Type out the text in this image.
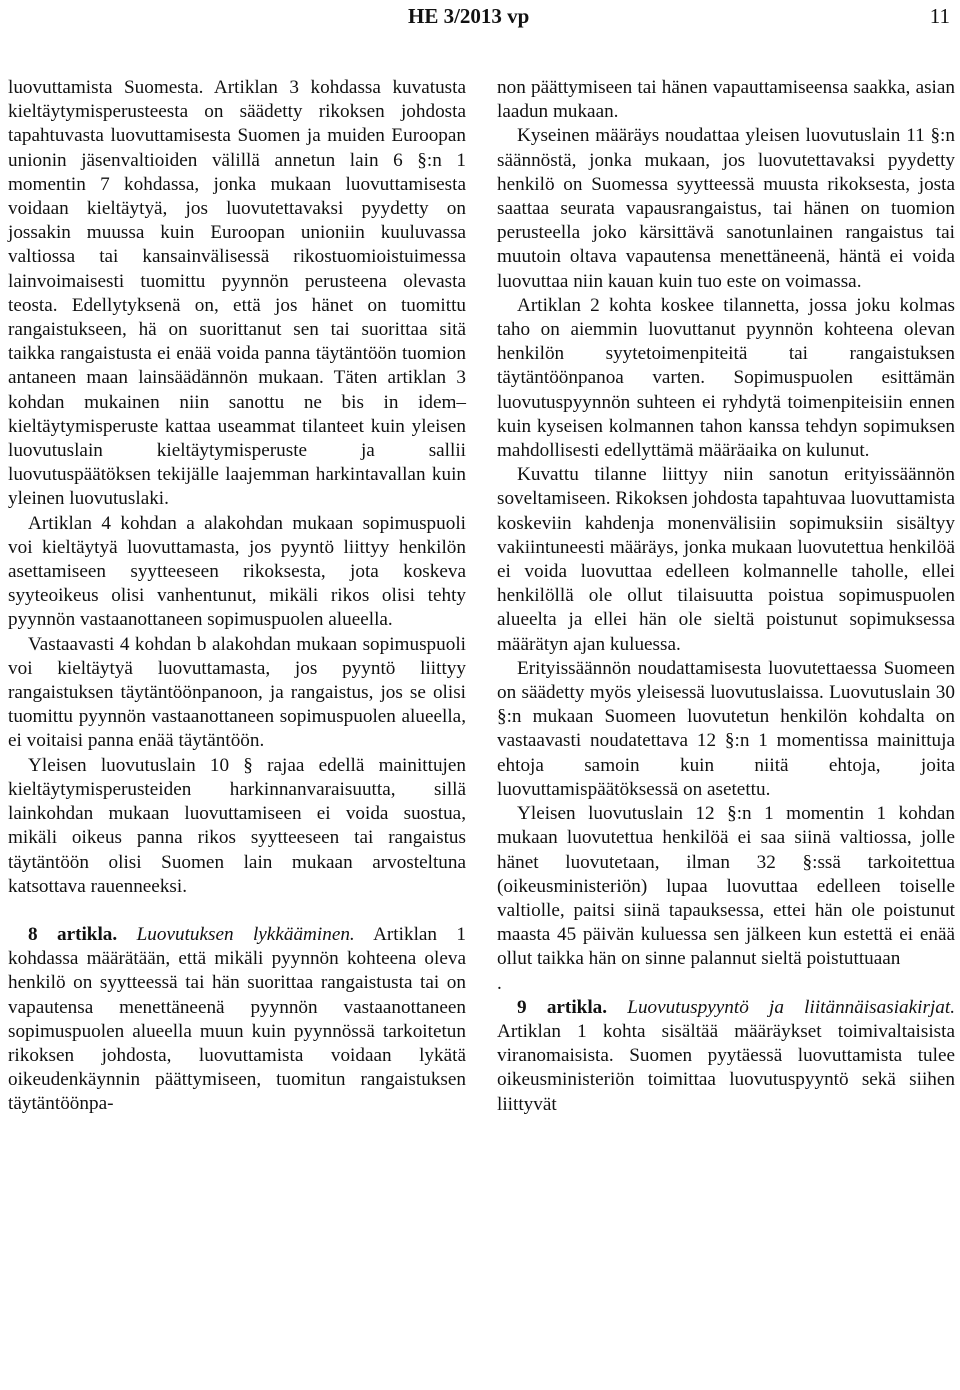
HE 3/2013 vp	11

luovuttamista Suomesta. Artiklan 3 kohdassa kuvatusta kieltäytymisperusteesta on säädetty rikoksen johdosta tapahtuvasta luovuttamisesta Suomen ja muiden Euroopan unionin jäsenvaltioiden välillä annetun lain 6 §:n 1 momentin 7 kohdassa, jonka mukaan luovuttamisesta voidaan kieltäytyä, jos luovutettavaksi pyydetty on jossakin muussa kuin Euroopan unioniin kuuluvassa valtiossa tai kansainvälisessä rikostuomioistuimessa lainvoimaisesti tuomittu pyynnön perusteena olevasta teosta. Edellytyksenä on, että jos hänet on tuomittu rangaistukseen, hä on suorittanut sen tai suorittaa sitä taikka rangaistusta ei enää voida panna täytäntöön tuomion antaneen maan lainsäädännön mukaan. Täten artiklan 3 kohdan mukainen niin sanottu ne bis in idem–kieltäytymisperuste kattaa useammat tilanteet kuin yleisen luovutuslain kieltäytymisperuste ja sallii luovutuspäätöksen tekijälle laajemman harkintavallan kuin yleinen luovutuslaki.

Artiklan 4 kohdan a alakohdan mukaan sopimuspuoli voi kieltäytyä luovuttamasta, jos pyyntö liittyy henkilön asettamiseen syytteeseen rikoksesta, jota koskeva syyteoikeus olisi vanhentunut, mikäli rikos olisi tehty pyynnön vastaanottaneen sopimuspuolen alueella.

Vastaavasti 4 kohdan b alakohdan mukaan sopimuspuoli voi kieltäytyä luovuttamasta, jos pyyntö liittyy rangaistuksen täytäntöönpanoon, ja rangaistus, jos se olisi tuomittu pyynnön vastaanottaneen sopimuspuolen alueella, ei voitaisi panna enää täytäntöön.

Yleisen luovutuslain 10 § rajaa edellä mainittujen kieltäytymisperusteiden harkinnanvaraisuutta, sillä lainkohdan mukaan luovuttamiseen ei voida suostua, mikäli oikeus panna rikos syytteeseen tai rangaistus täytäntöön olisi Suomen lain mukaan arvosteltuna katsottava rauenneeksi.

8 artikla. Luovutuksen lykkääminen. Artiklan 1 kohdassa määrätään, että mikäli pyynnön kohteena oleva henkilö on syytteessä tai hän suorittaa rangaistusta tai on vapautensa menettäneenä pyynnön vastaanottaneen sopimuspuolen alueella muun kuin pyynnössä tarkoitetun rikoksen johdosta, luovuttamista voidaan lykätä oikeudenkäynnin päättymiseen, tuomitun rangaistuksen täytäntöönpa-

non päättymiseen tai hänen vapauttamiseensa saakka, asian laadun mukaan.

Kyseinen määräys noudattaa yleisen luovutuslain 11 §:n säännöstä, jonka mukaan, jos luovutettavaksi pyydetty henkilö on Suomessa syytteessä muusta rikoksesta, josta saattaa seurata vapausrangaistus, tai hänen on tuomion perusteella joko kärsittävä sanotunlainen rangaistus tai muutoin oltava vapautensa menettäneenä, häntä ei voida luovuttaa niin kauan kuin tuo este on voimassa.

Artiklan 2 kohta koskee tilannetta, jossa joku kolmas taho on aiemmin luovuttanut pyynnön kohteena olevan henkilön syytetoimenpiteitä tai rangaistuksen täytäntöönpanoa varten. Sopimuspuolen esittämän luovutuspyynnön suhteen ei ryhdytä toimenpiteisiin ennen kuin kyseisen kolmannen tahon kanssa tehdyn sopimuksen mahdollisesti edellyttämä määräaika on kulunut.

Kuvattu tilanne liittyy niin sanotun erityissäännön soveltamiseen. Rikoksen johdosta tapahtuvaa luovuttamista koskeviin kahdenja monenvälisiin sopimuksiin sisältyy vakiintuneesti määräys, jonka mukaan luovutettua henkilöä ei voida luovuttaa edelleen kolmannelle taholle, ellei henkilöllä ole ollut tilaisuutta poistua sopimuspuolen alueelta ja ellei hän ole sieltä poistunut sopimuksessa määrätyn ajan kuluessa.

Erityissäännön noudattamisesta luovutettaessa Suomeen on säädetty myös yleisessä luovutuslaissa. Luovutuslain 30 §:n mukaan Suomeen luovutetun henkilön kohdalta on vastaavasti noudatettava 12 §:n 1 momentissa mainittuja ehtoja samoin kuin niitä ehtoja, joita luovuttamispäätöksessä on asetettu.

Yleisen luovutuslain 12 §:n 1 momentin 1 kohdan mukaan luovutettua henkilöä ei saa siinä valtiossa, jolle hänet luovutetaan, ilman 32 §:ssä tarkoitettua (oikeusministeriön) lupaa luovuttaa edelleen toiselle valtiolle, paitsi siinä tapauksessa, ettei hän ole poistunut maasta 45 päivän kuluessa sen jälkeen kun estettä ei enää ollut taikka hän on sinne palannut sieltä poistuttuaan

.

9 artikla. Luovutuspyyntö ja liitännäisasiakirjat. Artiklan 1 kohta sisältää määräykset toimivaltaisista viranomaisista. Suomen pyytäessä luovuttamista tulee oikeusministeriön toimittaa luovutuspyyntö sekä siihen liittyvät
